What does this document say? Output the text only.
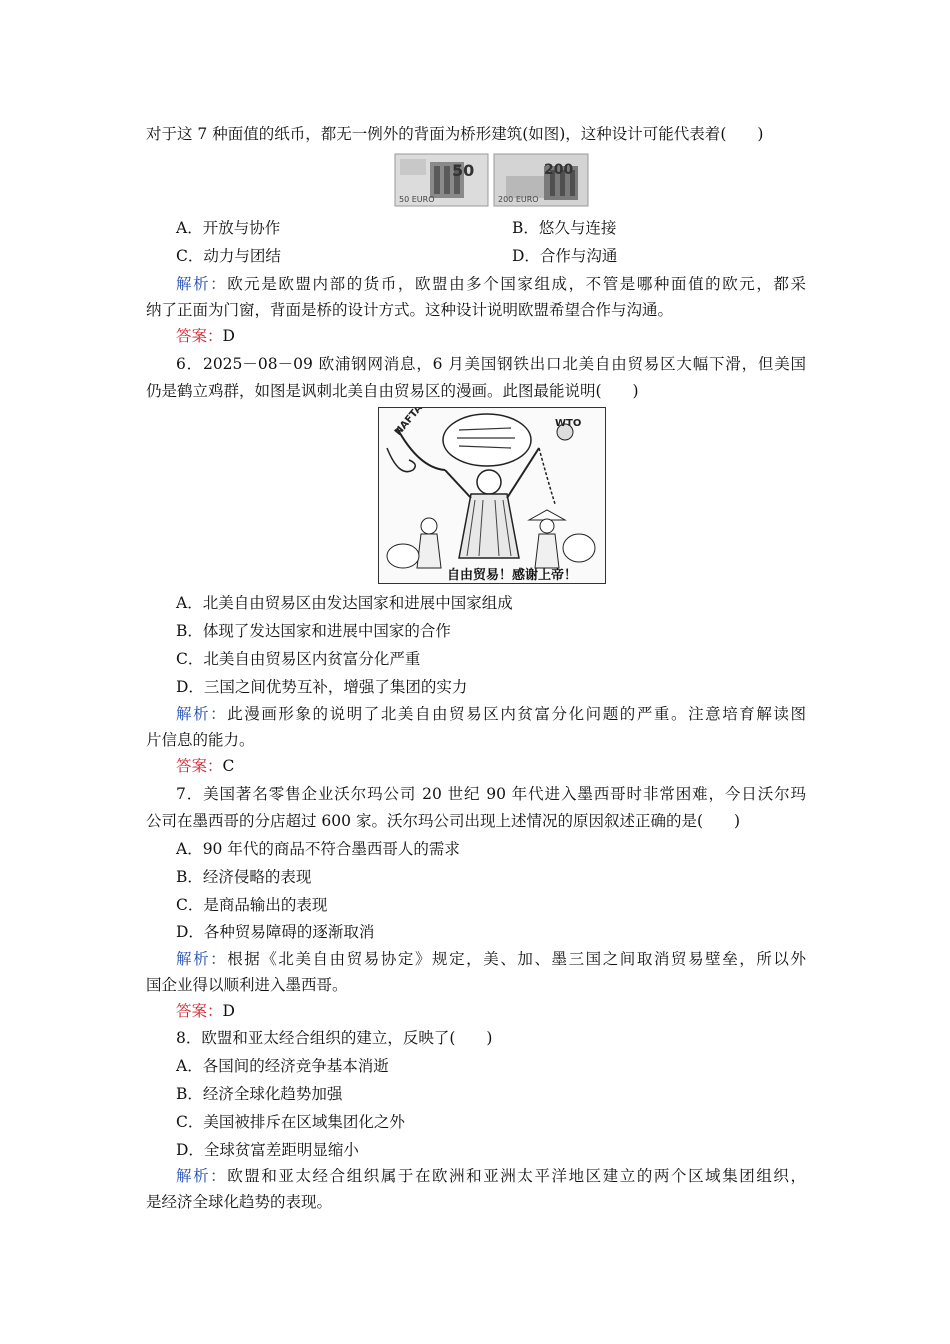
对于这 7 种面值的纸币，都无一例外的背面为桥形建筑(如图)，这种设计可能代表着(　　)
50
50 EURO
200
200 EURO
A．开放与协作	B．悠久与连接
C．动力与团结	D．合作与沟通
解析：欧元是欧盟内部的货币，欧盟由多个国家组成，不管是哪种面值的欧元，都采
纳了正面为门窗，背面是桥的设计方式。这种设计说明欧盟希望合作与沟通。
答案：D
6．2025－08－09 欧浦钢网消息，6 月美国钢铁出口北美自由贸易区大幅下滑，但美国
仍是鹤立鸡群，如图是讽刺北美自由贸易区的漫画。此图最能说明(　　)
NAFTA	WTO
自由贸易！感谢上帝！
A．北美自由贸易区由发达国家和进展中国家组成
B．体现了发达国家和进展中国家的合作
C．北美自由贸易区内贫富分化严重
D．三国之间优势互补，增强了集团的实力
解析：此漫画形象的说明了北美自由贸易区内贫富分化问题的严重。注意培育解读图
片信息的能力。
答案：C
7．美国著名零售企业沃尔玛公司 20 世纪 90 年代进入墨西哥时非常困难，今日沃尔玛
公司在墨西哥的分店超过 600 家。沃尔玛公司出现上述情况的原因叙述正确的是(　　)
A．90 年代的商品不符合墨西哥人的需求
B．经济侵略的表现
C．是商品输出的表现
D．各种贸易障碍的逐渐取消
解析：根据《北美自由贸易协定》规定，美、加、墨三国之间取消贸易壁垒，所以外
国企业得以顺利进入墨西哥。
答案：D
8．欧盟和亚太经合组织的建立，反映了(　　)
A．各国间的经济竞争基本消逝
B．经济全球化趋势加强
C．美国被排斥在区域集团化之外
D．全球贫富差距明显缩小
解析：欧盟和亚太经合组织属于在欧洲和亚洲太平洋地区建立的两个区域集团组织，
是经济全球化趋势的表现。
